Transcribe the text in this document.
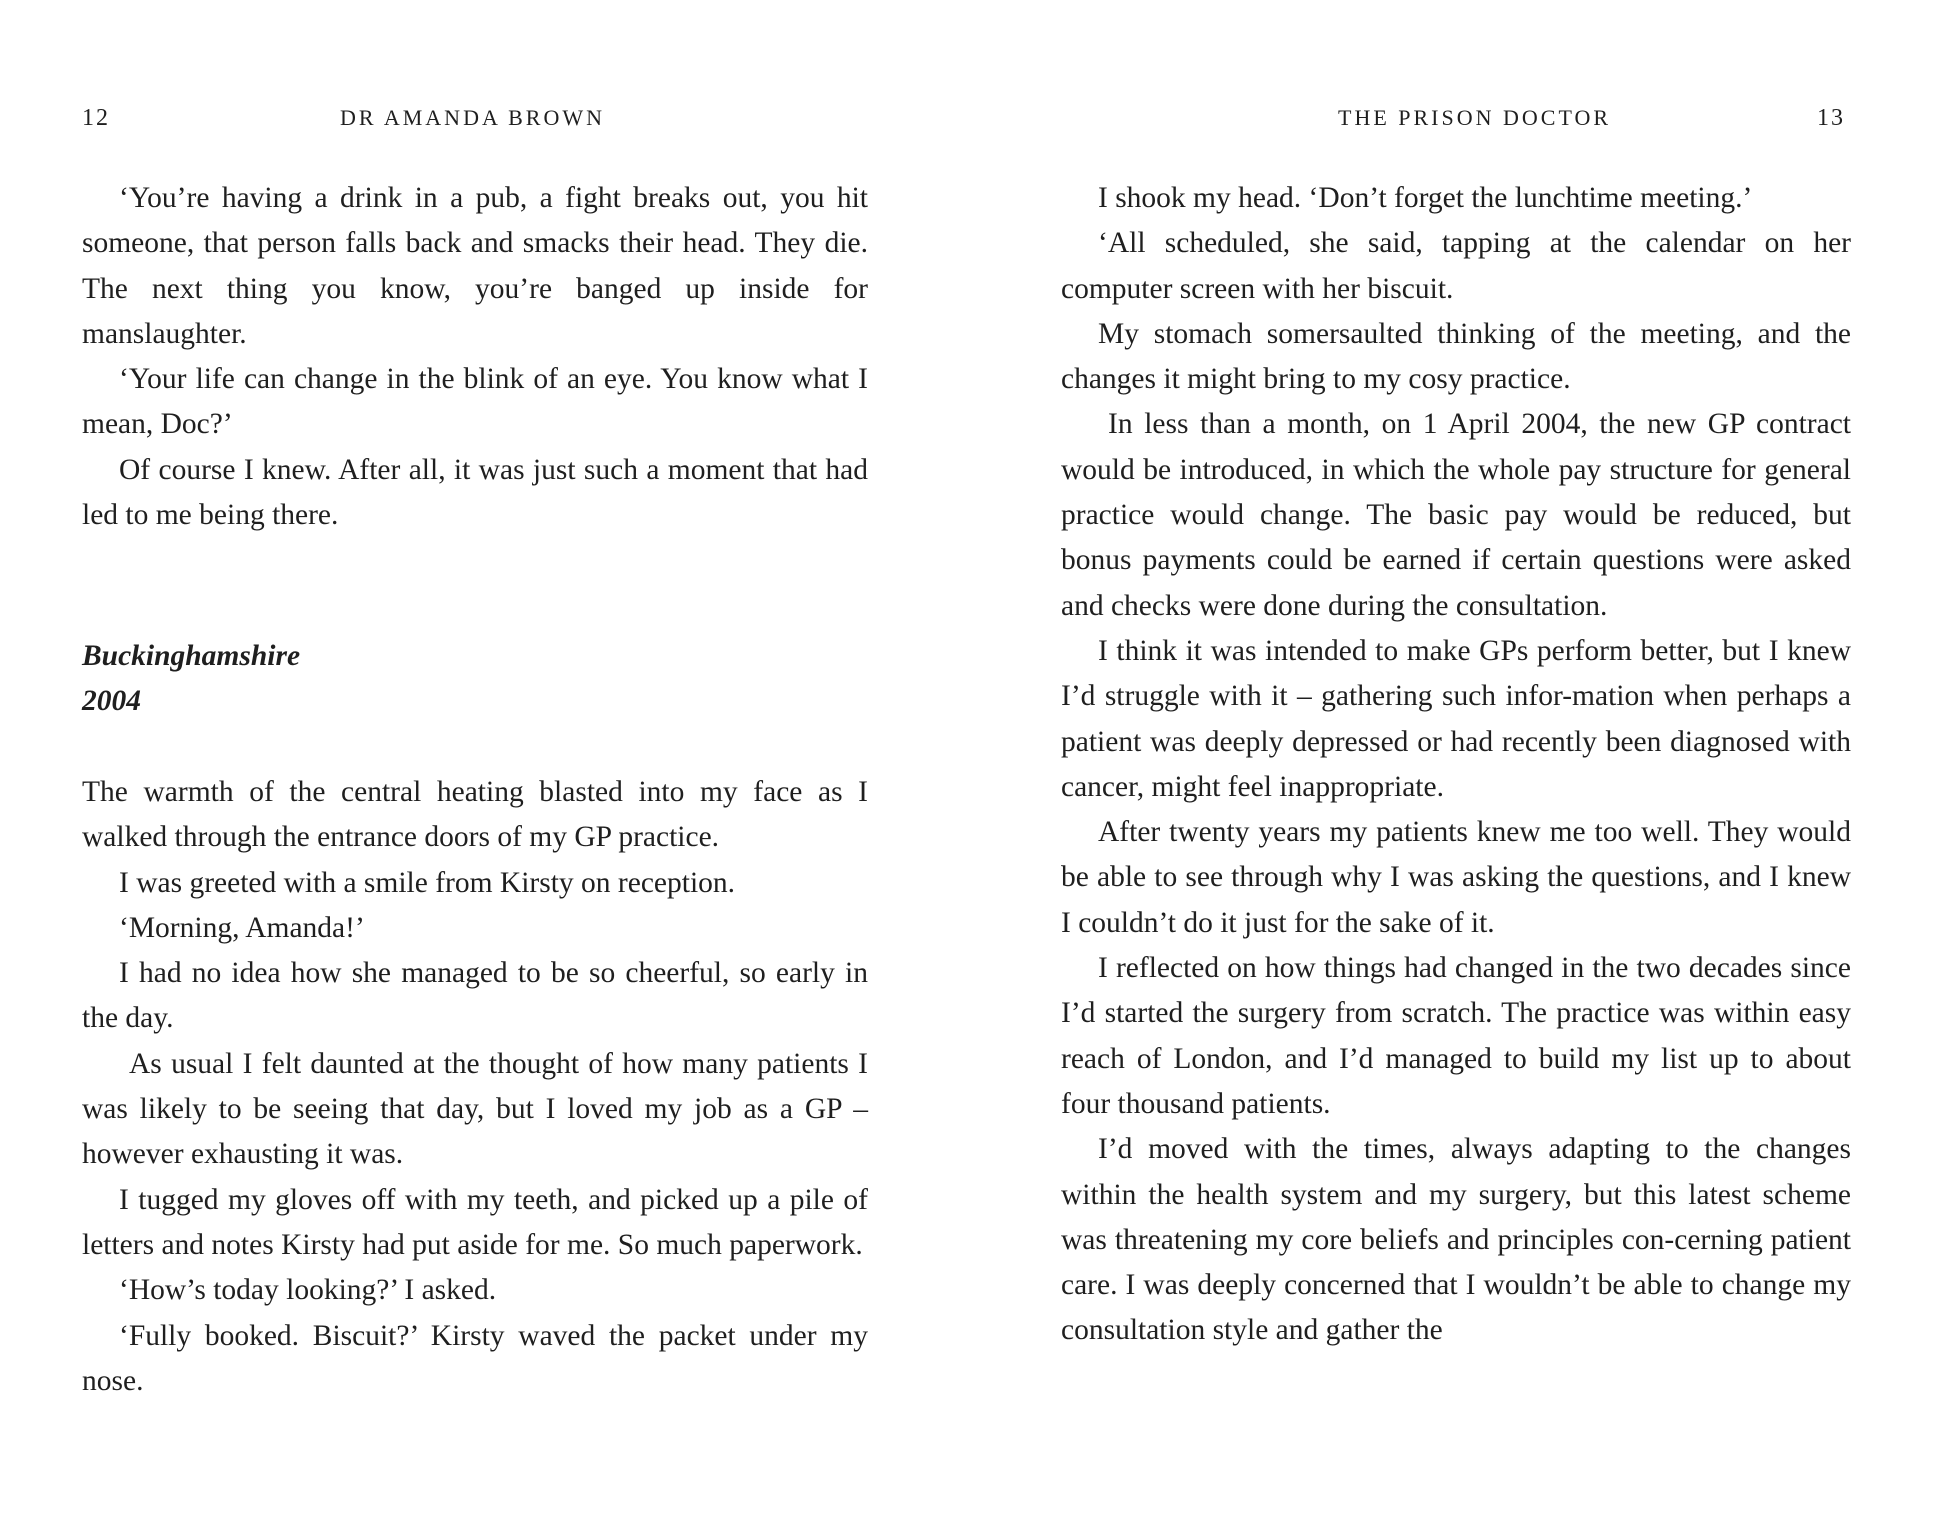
12	DR AMANDA BROWN

‘You’re having a drink in a pub, a fight breaks out, you hit someone, that person falls back and smacks their head. They die. The next thing you know, you’re banged up inside for manslaughter.

‘Your life can change in the blink of an eye. You know what I mean, Doc?’

Of course I knew. After all, it was just such a moment that had led to me being there.

Buckinghamshire
2004

The warmth of the central heating blasted into my face as I walked through the entrance doors of my GP practice.

I was greeted with a smile from Kirsty on reception.

‘Morning, Amanda!’

I had no idea how she managed to be so cheerful, so early in the day.

As usual I felt daunted at the thought of how many patients I was likely to be seeing that day, but I loved my job as a GP – however exhausting it was.

I tugged my gloves off with my teeth, and picked up a pile of letters and notes Kirsty had put aside for me. So much paperwork.

‘How’s today looking?’ I asked.

‘Fully booked. Biscuit?’ Kirsty waved the packet under my nose.

THE PRISON DOCTOR	13

I shook my head. ‘Don’t forget the lunchtime meeting.’

‘All scheduled, she said, tapping at the calendar on her computer screen with her biscuit.

My stomach somersaulted thinking of the meeting, and the changes it might bring to my cosy practice.

In less than a month, on 1 April 2004, the new GP contract would be introduced, in which the whole pay structure for general practice would change. The basic pay would be reduced, but bonus payments could be earned if certain questions were asked and checks were done during the consultation.

I think it was intended to make GPs perform better, but I knew I’d struggle with it – gathering such infor-mation when perhaps a patient was deeply depressed or had recently been diagnosed with cancer, might feel inappropriate.

After twenty years my patients knew me too well. They would be able to see through why I was asking the questions, and I knew I couldn’t do it just for the sake of it.

I reflected on how things had changed in the two decades since I’d started the surgery from scratch. The practice was within easy reach of London, and I’d managed to build my list up to about four thousand patients.

I’d moved with the times, always adapting to the changes within the health system and my surgery, but this latest scheme was threatening my core beliefs and principles con-cerning patient care. I was deeply concerned that I wouldn’t be able to change my consultation style and gather the
